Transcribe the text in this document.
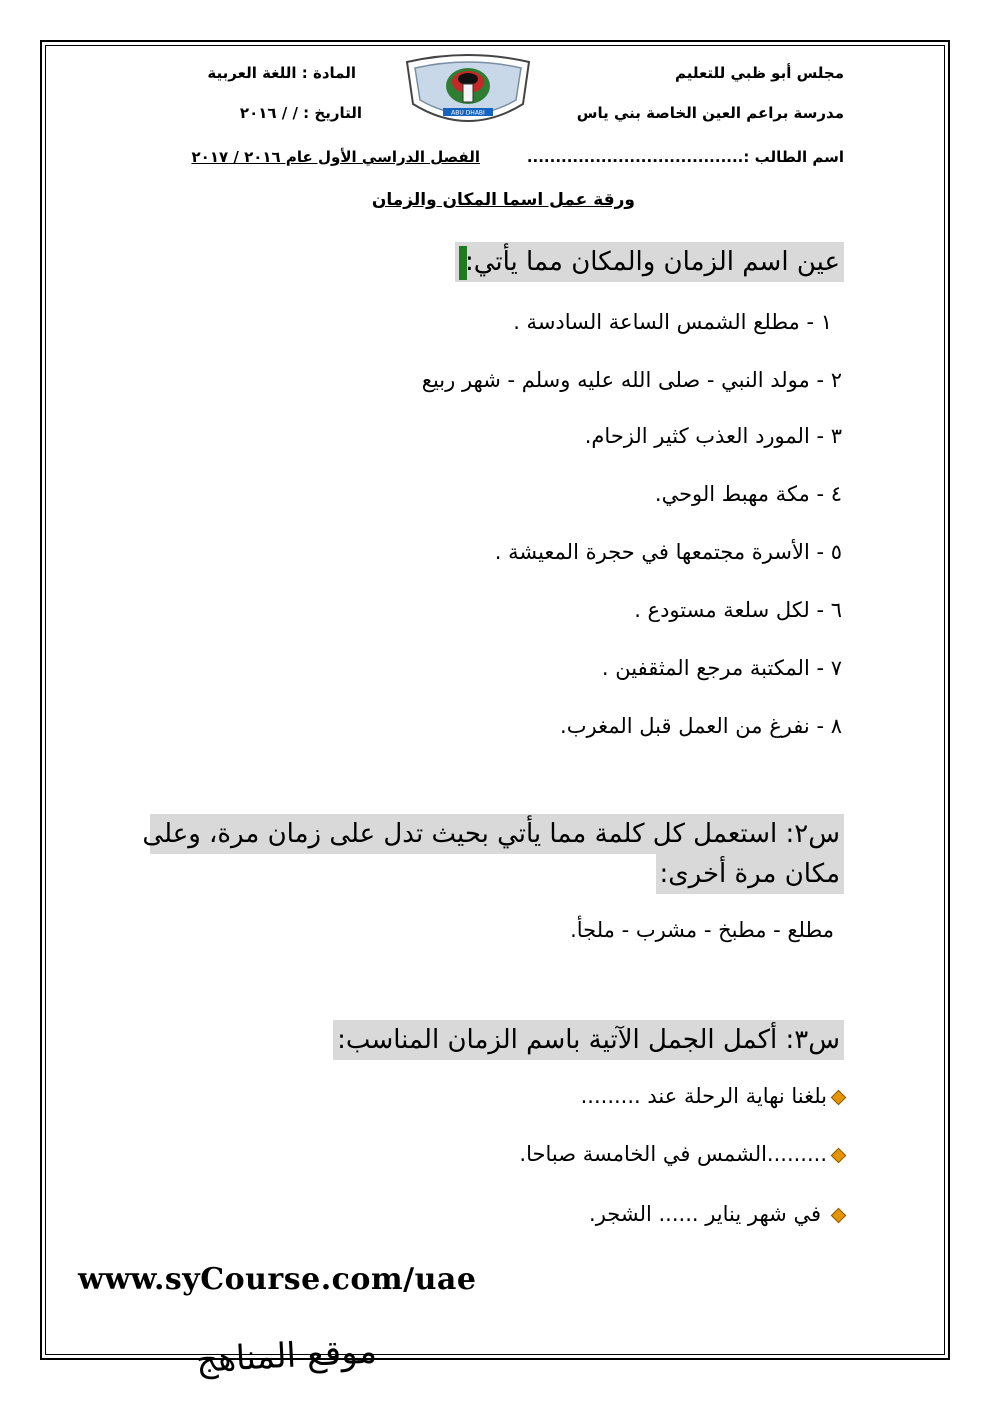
مجلس أبو ظبي للتعليم
مدرسة براعم العين الخاصة بني ياس
اسم الطالب :......................................
المادة : اللغة العربية
التاريخ : / / ٢٠١٦
الفصل الدراسي الأول عام ٢٠١٦ / ٢٠١٧
ABU DHABI
ورقة عمل اسما المكان والزمان
عين اسم الزمان والمكان مما يأتي:
١ - مطلع الشمس الساعة السادسة .
٢ - مولد النبي - صلى الله عليه وسلم - شهر ربيع
٣ - المورد العذب كثير الزحام.
٤ - مكة مهبط الوحي.
٥ - الأسرة مجتمعها في حجرة المعيشة .
٦ - لكل سلعة مستودع .
٧ - المكتبة مرجع المثقفين .
٨ - نفرغ من العمل قبل المغرب.
س٢: استعمل كل كلمة مما يأتي بحيث تدل على زمان مرة، وعلى
مكان مرة أخرى:
مطلع - مطبخ - مشرب - ملجأ.
س٣: أكمل الجمل الآتية باسم الزمان المناسب:
بلغنا نهاية الرحلة عند .........
.........الشمس في الخامسة صباحا.
في شهر يناير ...... الشجر.
www.syCourse.com/uae
موقع المناهج
